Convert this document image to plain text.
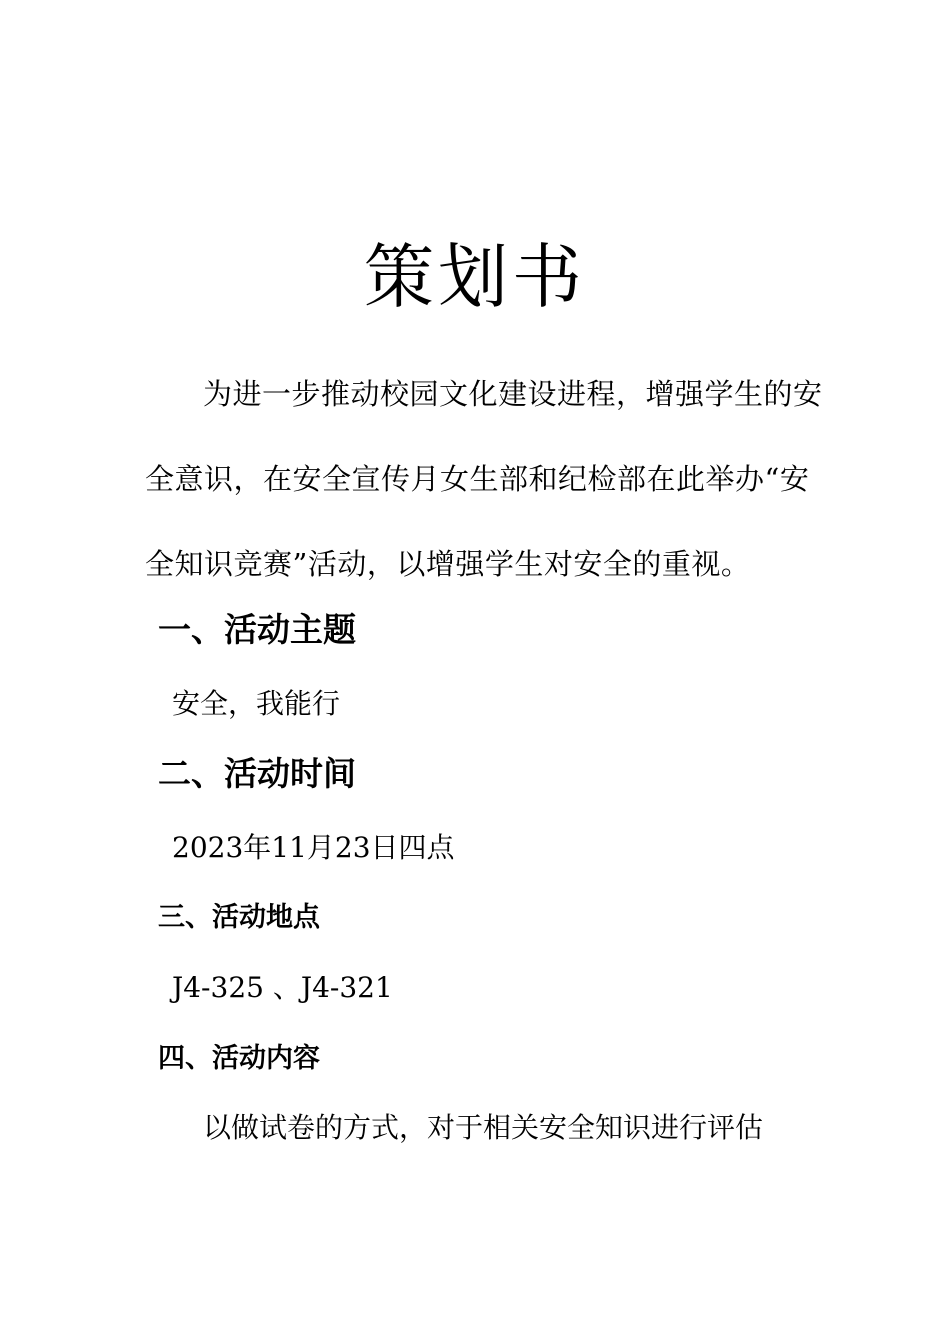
策划书
为进一步推动校园文化建设进程，增强学生的安
全意识，在安全宣传月女生部和纪检部在此举办“安
全知识竞赛”活动，以增强学生对安全的重视。
一、活动主题

安全，我能行

二、活动时间

2023年11月23日四点

三、活动地点

J4-325 、J4-321

四、活动内容

以做试卷的方式，对于相关安全知识进行评估
